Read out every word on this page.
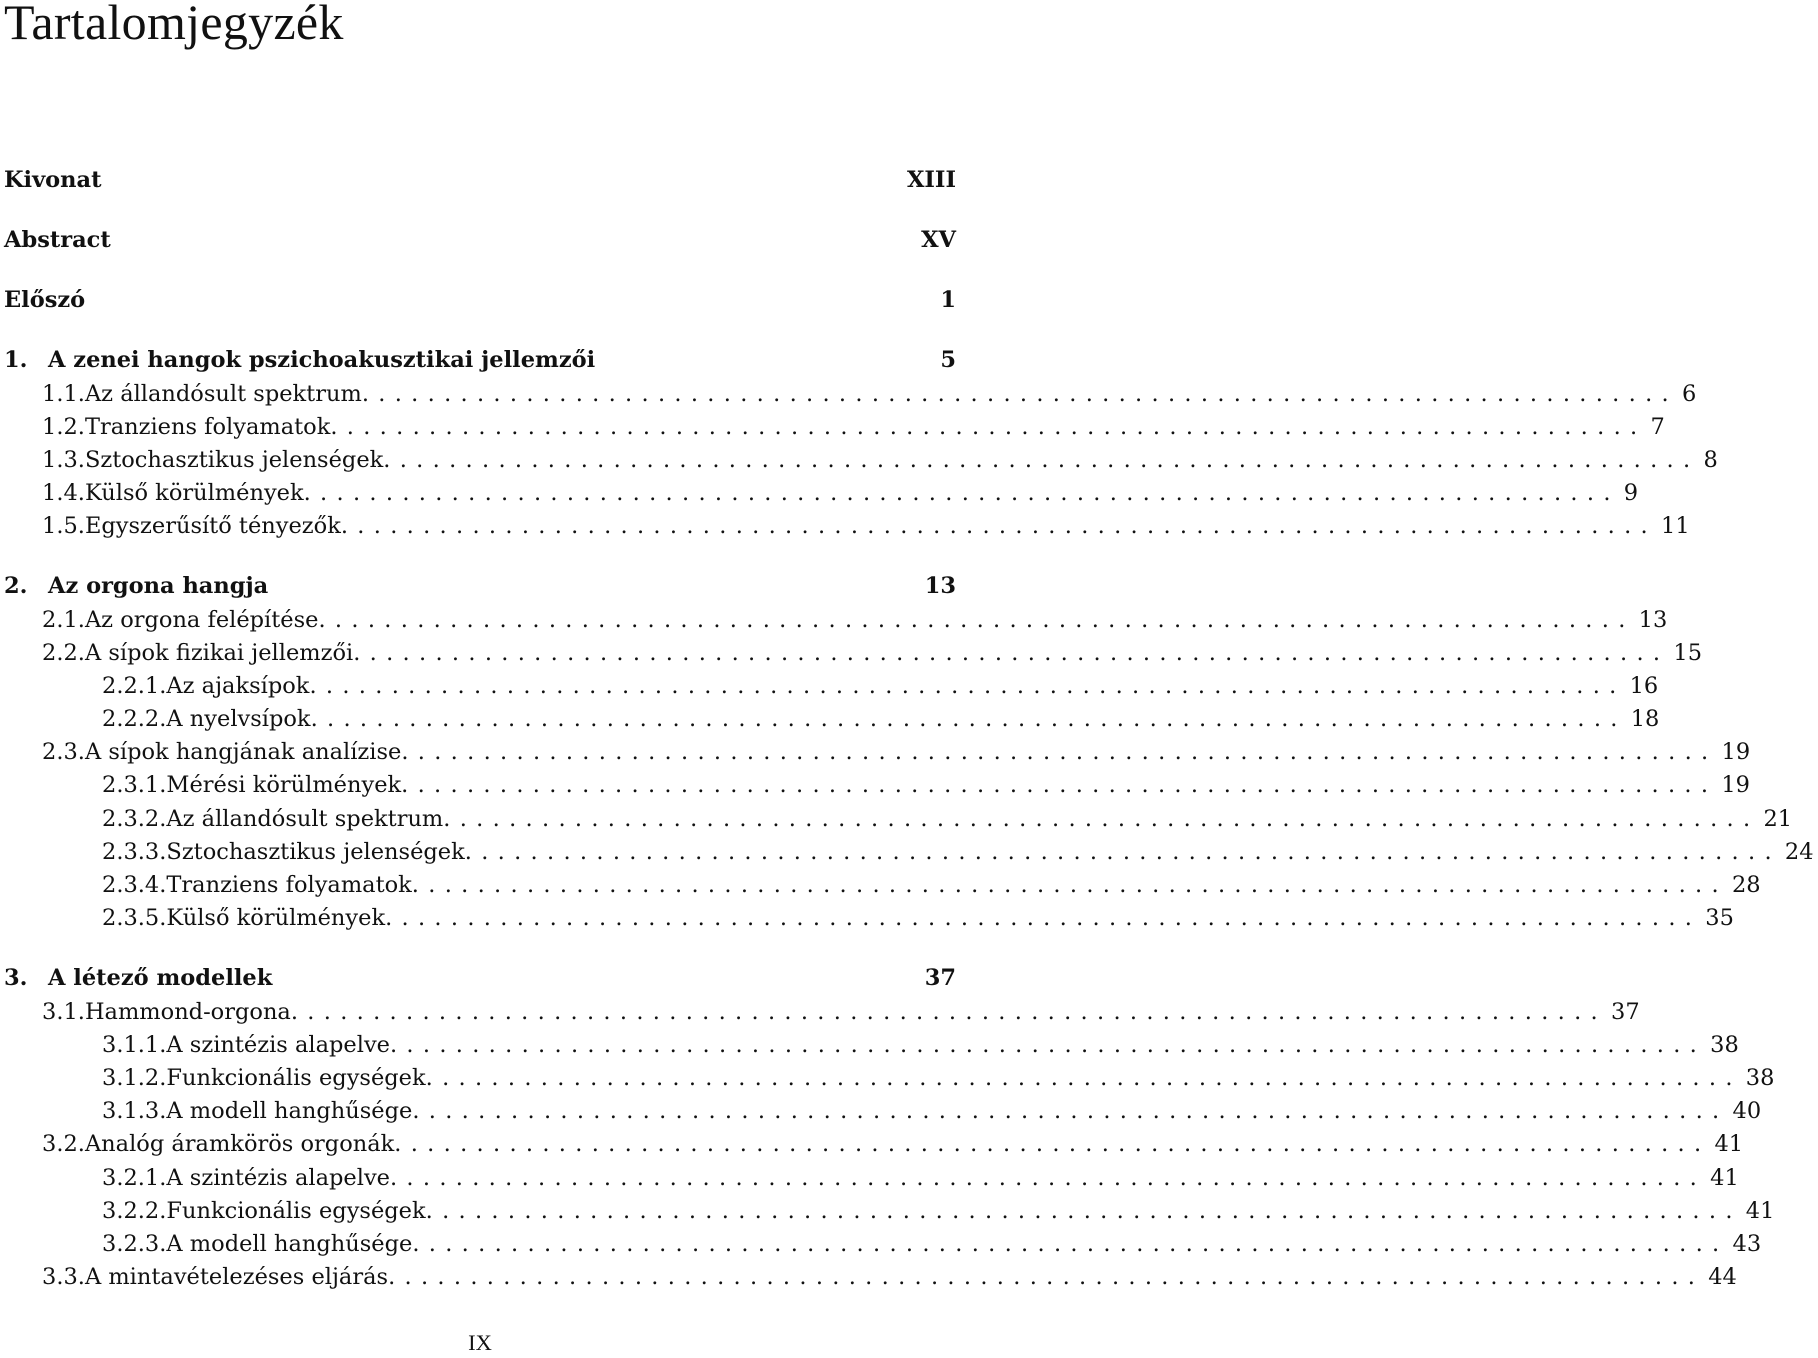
Tartalomjegyzék
Kivonat	XIII
Abstract	XV
Előszó	1
1. A zenei hangok pszichoakusztikai jellemzői	5
1.1. Az állandósult spektrum ................................................................................ 6
1.2. Tranziens folyamatok ................................................................................ 7
1.3. Sztochasztikus jelenségek ................................................................................ 8
1.4. Külső körülmények ................................................................................ 9
1.5. Egyszerűsítő tényezők ................................................................................ 11
2. Az orgona hangja	13
2.1. Az orgona felépítése ................................................................................ 13
2.2. A sípok fizikai jellemzői ................................................................................ 15
2.2.1. Az ajaksípok ................................................................................ 16
2.2.2. A nyelvsípok ................................................................................ 18
2.3. A sípok hangjának analízise ................................................................................ 19
2.3.1. Mérési körülmények ................................................................................ 19
2.3.2. Az állandósult spektrum ................................................................................ 21
2.3.3. Sztochasztikus jelenségek ................................................................................ 24
2.3.4. Tranziens folyamatok ................................................................................ 28
2.3.5. Külső körülmények ................................................................................ 35
3. A létező modellek	37
3.1. Hammond-orgona ................................................................................ 37
3.1.1. A szintézis alapelve ................................................................................ 38
3.1.2. Funkcionális egységek ................................................................................ 38
3.1.3. A modell hanghűsége ................................................................................ 40
3.2. Analóg áramkörös orgonák ................................................................................ 41
3.2.1. A szintézis alapelve ................................................................................ 41
3.2.2. Funkcionális egységek ................................................................................ 41
3.2.3. A modell hanghűsége ................................................................................ 43
3.3. A mintavételezéses eljárás ................................................................................ 44
IX
